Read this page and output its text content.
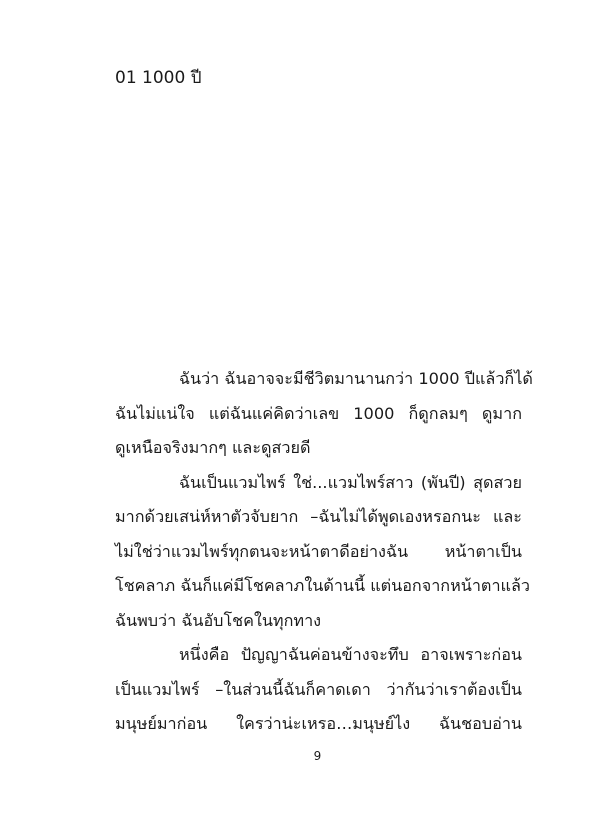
01 1000 ปี
ฉันว่า ฉันอาจจะมีชีวิตมานานกว่า 1000 ปีแล้วก็ได้
ฉันไม่แน่ใจ แต่ฉันแค่คิดว่าเลข 1000 ก็ดูกลมๆ ดูมาก
ดูเหนือจริงมากๆ และดูสวยดี
ฉันเป็นแวมไพร์ ใช่...แวมไพร์สาว (พันปี) สุดสวย
มากด้วยเสน่ห์หาตัวจับยาก –ฉันไม่ได้พูดเองหรอกนะ และ
ไม่ใช่ว่าแวมไพร์ทุกตนจะหน้าตาดีอย่างฉัน หน้าตาเป็น
โชคลาภ ฉันก็แค่มีโชคลาภในด้านนี้ แต่นอกจากหน้าตาแล้ว
ฉันพบว่า ฉันอับโชคในทุกทาง
หนึ่งคือ ปัญญาฉันค่อนข้างจะทึบ อาจเพราะก่อน
เป็นแวมไพร์ –ในส่วนนี้ฉันก็คาดเดา ว่ากันว่าเราต้องเป็น
มนุษย์มาก่อน ใครว่าน่ะเหรอ…มนุษย์ไง ฉันชอบอ่าน
9
